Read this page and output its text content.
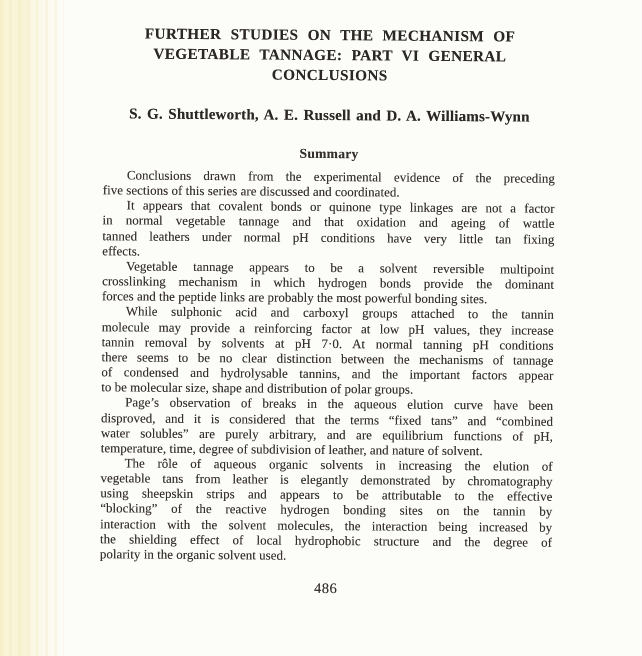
FURTHER STUDIES ON THE MECHANISM OF
VEGETABLE TANNAGE: PART VI GENERAL
CONCLUSIONS
S. G. Shuttleworth, A. E. Russell and D. A. Williams-Wynn
Summary

Conclusions drawn from the experimental evidence of the preceding
five sections of this series are discussed and coordinated.

It appears that covalent bonds or quinone type linkages are not a factor
in normal vegetable tannage and that oxidation and ageing of wattle
tanned leathers under normal pH conditions have very little tan fixing
effects.

Vegetable tannage appears to be a solvent reversible multipoint
crosslinking mechanism in which hydrogen bonds provide the dominant
forces and the peptide links are probably the most powerful bonding sites.

While sulphonic acid and carboxyl groups attached to the tannin
molecule may provide a reinforcing factor at low pH values, they increase
tannin removal by solvents at pH 7·0. At normal tanning pH conditions
there seems to be no clear distinction between the mechanisms of tannage
of condensed and hydrolysable tannins, and the important factors appear
to be molecular size, shape and distribution of polar groups.

Page’s observation of breaks in the aqueous elution curve have been
disproved, and it is considered that the terms “fixed tans” and “combined
water solubles” are purely arbitrary, and are equilibrium functions of pH,
temperature, time, degree of subdivision of leather, and nature of solvent.

The rôle of aqueous organic solvents in increasing the elution of
vegetable tans from leather is elegantly demonstrated by chromatography
using sheepskin strips and appears to be attributable to the effective
“blocking” of the reactive hydrogen bonding sites on the tannin by
interaction with the solvent molecules, the interaction being increased by
the shielding effect of local hydrophobic structure and the degree of
polarity in the organic solvent used.

486
